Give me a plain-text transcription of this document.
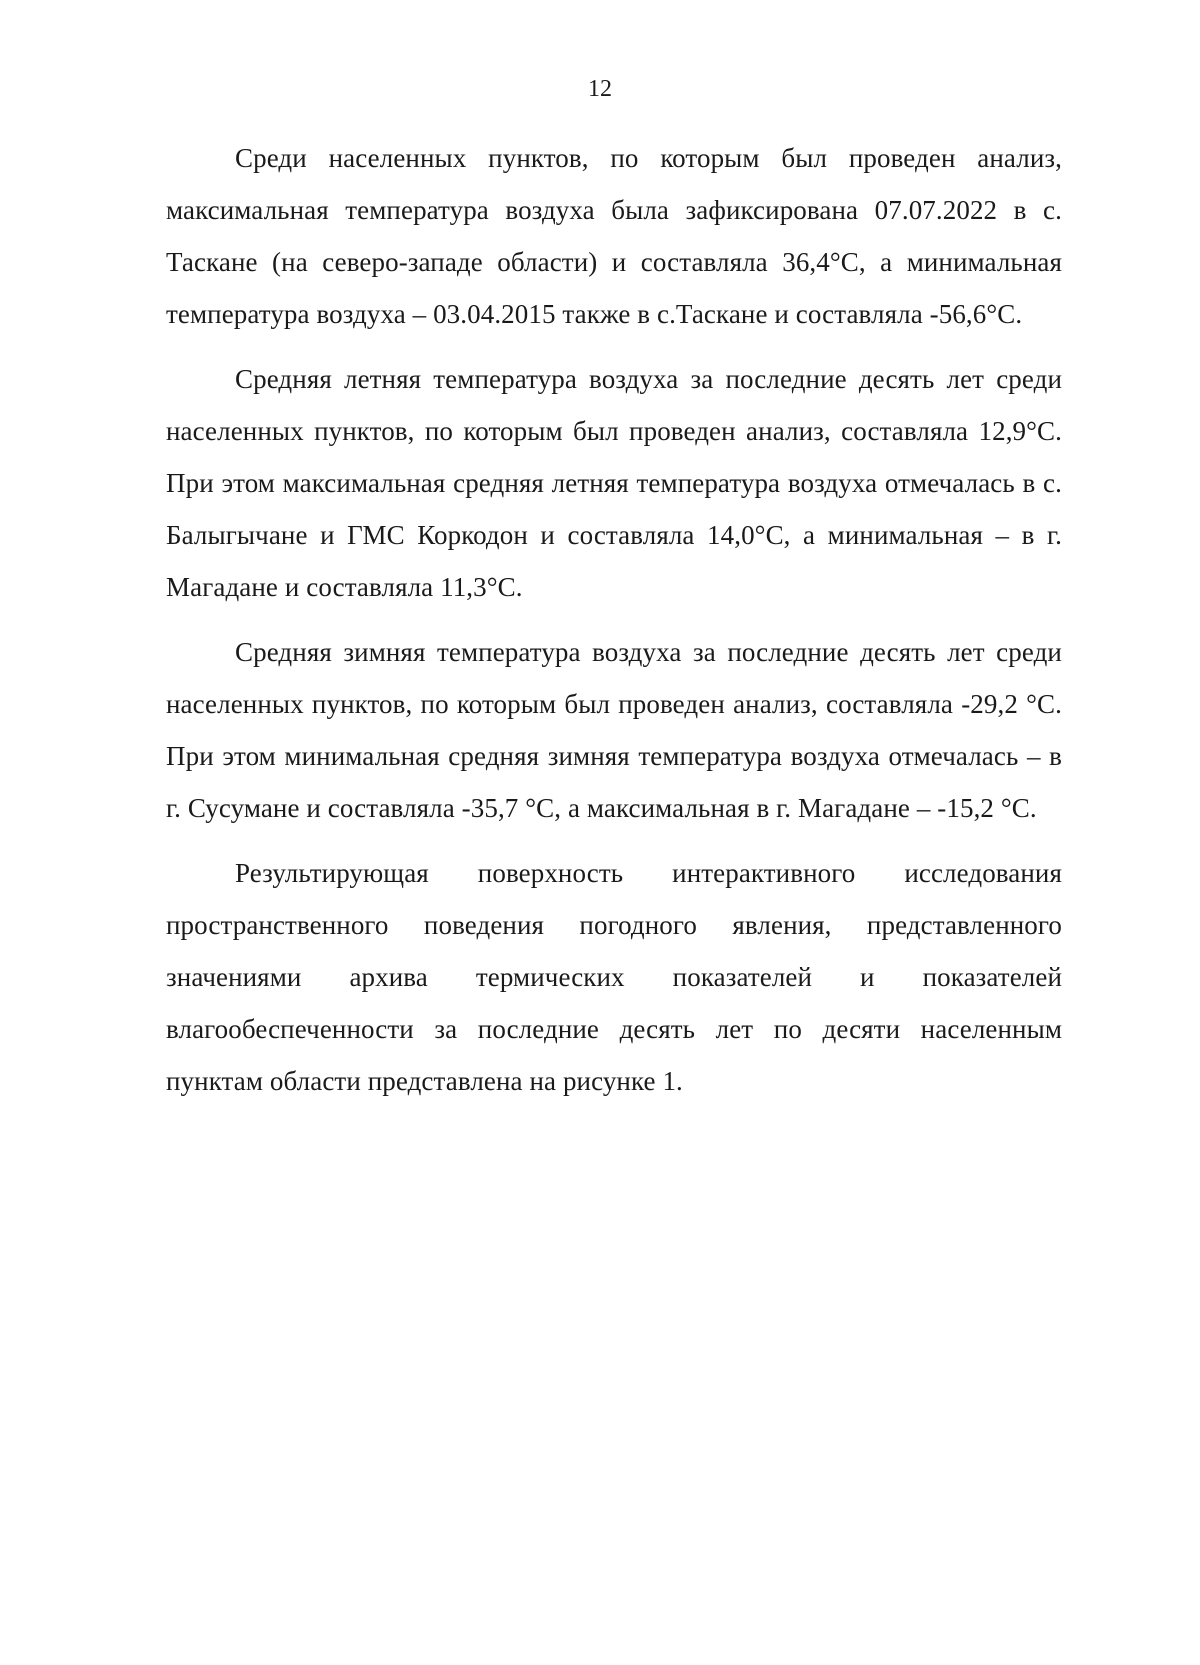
12

Среди населенных пунктов, по которым был проведен анализ, максимальная температура воздуха была зафиксирована 07.07.2022 в с. Таскане (на северо-западе области) и составляла 36,4°С, а минимальная температура воздуха – 03.04.2015 также в с.Таскане и составляла -56,6°С.

Средняя летняя температура воздуха за последние десять лет среди населенных пунктов, по которым был проведен анализ, составляла 12,9°С. При этом максимальная средняя летняя температура воздуха отмечалась в с. Балыгычане и ГМС Коркодон и составляла 14,0°С, а минимальная – в г. Магадане и составляла 11,3°С.

Средняя зимняя температура воздуха за последние десять лет среди населенных пунктов, по которым был проведен анализ, составляла -29,2 °С. При этом минимальная средняя зимняя температура воздуха отмечалась – в г. Сусумане и составляла -35,7 °С, а максимальная в г. Магадане – -15,2 °С.

Результирующая поверхность интерактивного исследования пространственного поведения погодного явления, представленного значениями архива термических показателей и показателей влагообеспеченности за последние десять лет по десяти населенным пунктам области представлена на рисунке 1.
